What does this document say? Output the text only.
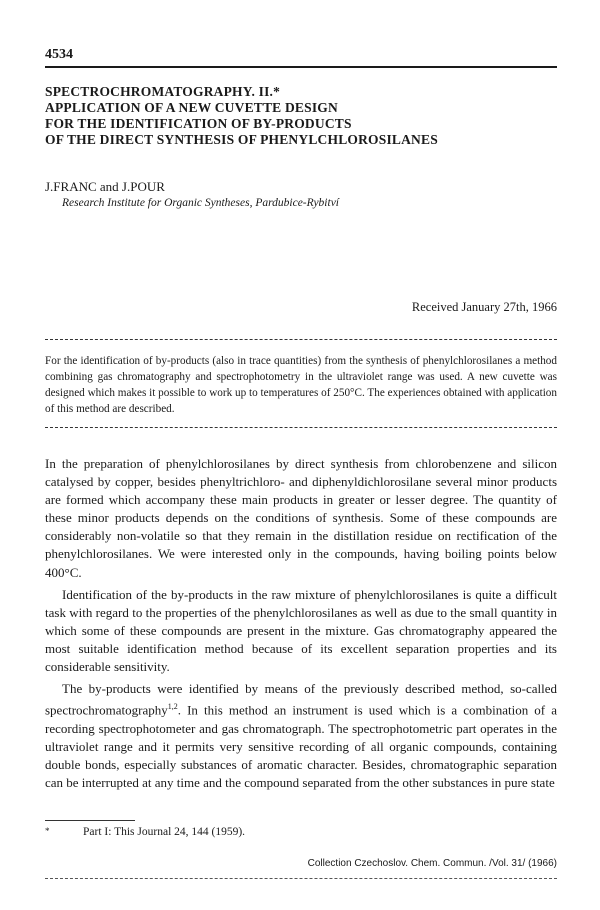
4534
SPECTROCHROMATOGRAPHY. II.*
APPLICATION OF A NEW CUVETTE DESIGN
FOR THE IDENTIFICATION OF BY-PRODUCTS
OF THE DIRECT SYNTHESIS OF PHENYLCHLOROSILANES
J.FRANC and J.POUR
Research Institute for Organic Syntheses, Pardubice-Rybitví
Received January 27th, 1966
For the identification of by-products (also in trace quantities) from the synthesis of phenylchlorosilanes a method combining gas chromatography and spectrophotometry in the ultraviolet range was used. A new cuvette was designed which makes it possible to work up to temperatures of 250°C. The experiences obtained with application of this method are described.

In the preparation of phenylchlorosilanes by direct synthesis from chlorobenzene and silicon catalysed by copper, besides phenyltrichloro- and diphenyldichlorosilane several minor products are formed which accompany these main products in greater or lesser degree. The quantity of these minor products depends on the conditions of synthesis. Some of these compounds are considerably non-volatile so that they remain in the distillation residue on rectification of the phenylchlorosilanes. We were interested only in the compounds, having boiling points below 400°C.

Identification of the by-products in the raw mixture of phenylchlorosilanes is quite a difficult task with regard to the properties of the phenylchlorosilanes as well as due to the small quantity in which some of these compounds are present in the mixture. Gas chromatography appeared the most suitable identification method because of its excellent separation properties and its considerable sensitivity.

The by-products were identified by means of the previously described method, so-called spectrochromatography$^{1,2}$. In this method an instrument is used which is a combination of a recording spectrophotometer and gas chromatograph. The spectrophotometric part operates in the ultraviolet range and it permits very sensitive recording of all organic compounds, containing double bonds, especially substances of aromatic character. Besides, chromatographic separation can be interrupted at any time and the compound separated from the other substances in pure state

*	Part I: This Journal 24, 144 (1959).
Collection Czechoslov. Chem. Commun. /Vol. 31/ (1966)
